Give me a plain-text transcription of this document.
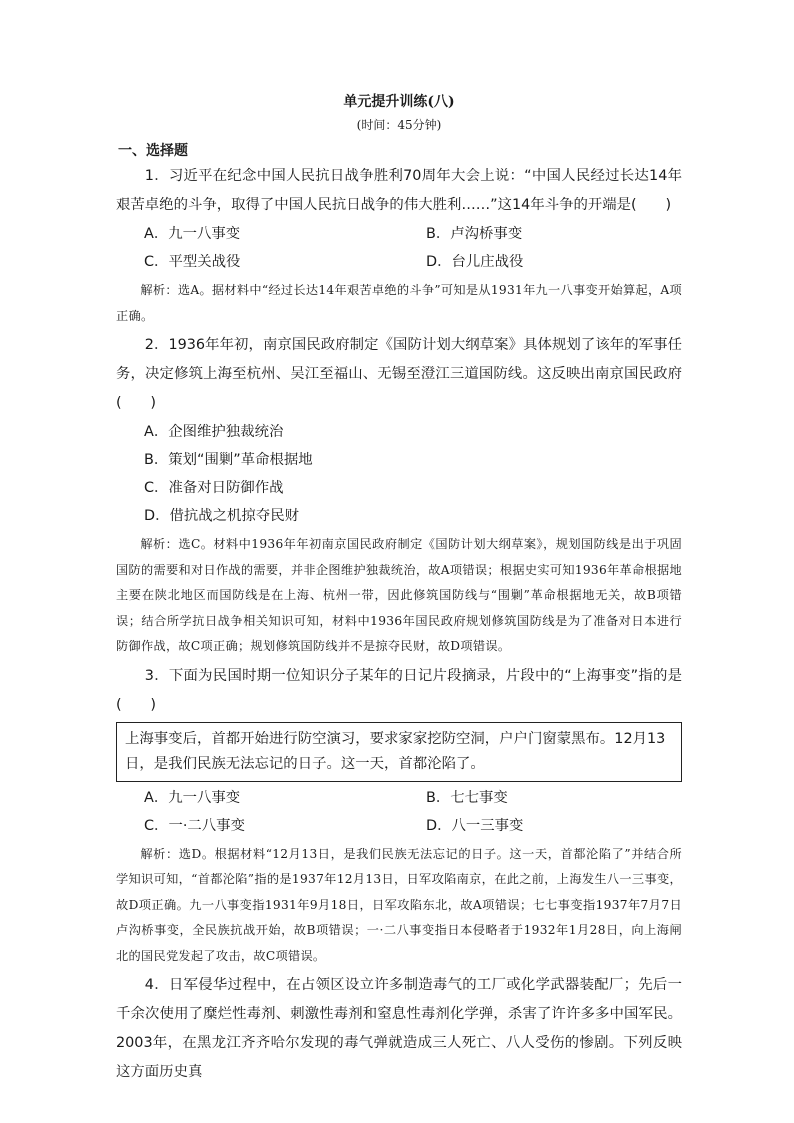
单元提升训练(八)

(时间：45分钟)

一、选择题

1．习近平在纪念中国人民抗日战争胜利70周年大会上说：“中国人民经过长达14年艰苦卓绝的斗争，取得了中国人民抗日战争的伟大胜利……”这14年斗争的开端是(　　)

A．九一八事变	B．卢沟桥事变
C．平型关战役	D．台儿庄战役

解析：选A。据材料中“经过长达14年艰苦卓绝的斗争”可知是从1931年九一八事变开始算起，A项正确。

2．1936年年初，南京国民政府制定《国防计划大纲草案》具体规划了该年的军事任务，决定修筑上海至杭州、吴江至福山、无锡至澄江三道国防线。这反映出南京国民政府(　　)

A．企图维护独裁统治
B．策划“围剿”革命根据地
C．准备对日防御作战
D．借抗战之机掠夺民财

解析：选C。材料中1936年年初南京国民政府制定《国防计划大纲草案》，规划国防线是出于巩固国防的需要和对日作战的需要，并非企图维护独裁统治，故A项错误；根据史实可知1936年革命根据地主要在陕北地区而国防线是在上海、杭州一带，因此修筑国防线与“围剿”革命根据地无关，故B项错误；结合所学抗日战争相关知识可知，材料中1936年国民政府规划修筑国防线是为了准备对日本进行防御作战，故C项正确；规划修筑国防线并不是掠夺民财，故D项错误。

3．下面为民国时期一位知识分子某年的日记片段摘录，片段中的“上海事变”指的是(　　)

上海事变后，首都开始进行防空演习，要求家家挖防空洞，户户门窗蒙黑布。12月13日，是我们民族无法忘记的日子。这一天，首都沦陷了。
A．九一八事变	B．七七事变
C．一·二八事变	D．八一三事变

解析：选D。根据材料“12月13日，是我们民族无法忘记的日子。这一天，首都沦陷了”并结合所学知识可知，“首都沦陷”指的是1937年12月13日，日军攻陷南京，在此之前，上海发生八一三事变，故D项正确。九一八事变指1931年9月18日，日军攻陷东北，故A项错误；七七事变指1937年7月7日卢沟桥事变，全民族抗战开始，故B项错误；一·二八事变指日本侵略者于1932年1月28日，向上海闸北的国民党发起了攻击，故C项错误。

4．日军侵华过程中，在占领区设立许多制造毒气的工厂或化学武器装配厂；先后一千余次使用了糜烂性毒剂、刺激性毒剂和窒息性毒剂化学弹，杀害了许许多多中国军民。2003年，在黑龙江齐齐哈尔发现的毒气弹就造成三人死亡、八人受伤的惨剧。下列反映这方面历史真
